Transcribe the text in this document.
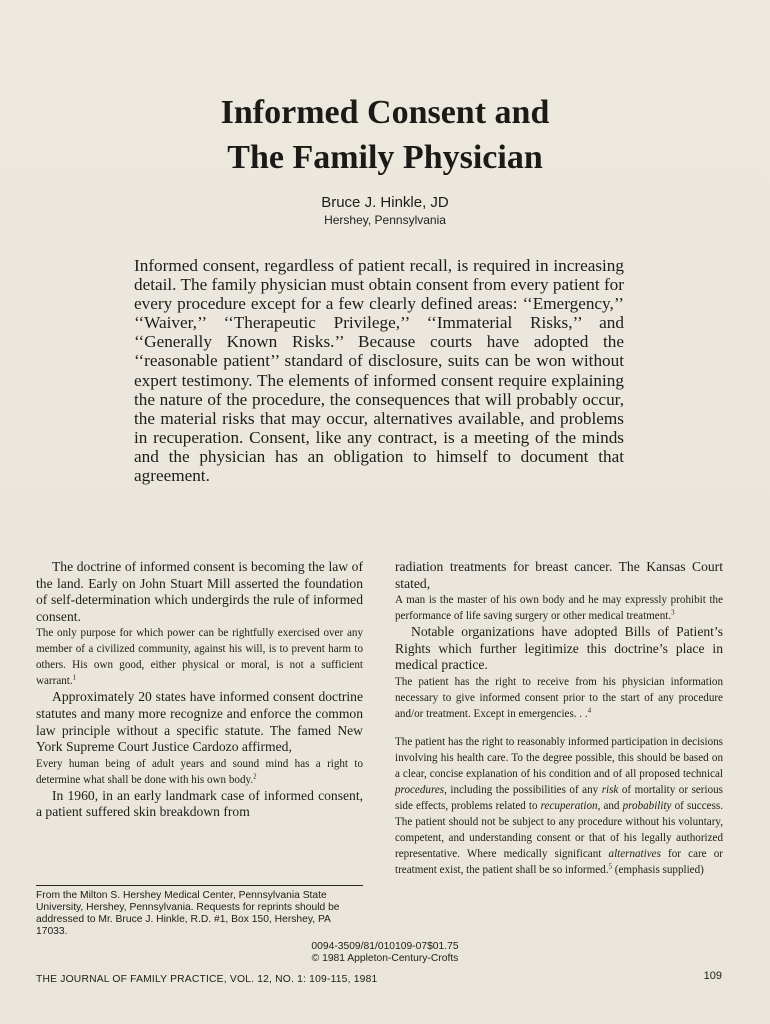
Informed Consent and
The Family Physician
Bruce J. Hinkle, JD
Hershey, Pennsylvania
Informed consent, regardless of patient recall, is required in increasing detail. The family physician must obtain consent from every patient for every procedure except for a few clearly defined areas: ‘‘Emergency,’’ ‘‘Waiver,’’ ‘‘Therapeutic Privilege,’’ ‘‘Immaterial Risks,’’ and ‘‘Generally Known Risks.’’ Because courts have adopted the ‘‘reasonable patient’’ standard of disclosure, suits can be won without expert testimony. The elements of informed consent require explaining the nature of the procedure, the consequences that will probably occur, the material risks that may occur, alternatives available, and problems in recuperation. Consent, like any contract, is a meeting of the minds and the physician has an obligation to himself to document that agreement.

The doctrine of informed consent is becoming the law of the land. Early on John Stuart Mill asserted the foundation of self-determination which undergirds the rule of informed consent.

The only purpose for which power can be rightfully exercised over any member of a civilized community, against his will, is to prevent harm to others. His own good, either physical or moral, is not a sufficient warrant.$^1$

Approximately 20 states have informed consent doctrine statutes and many more recognize and enforce the common law principle without a specific statute. The famed New York Supreme Court Justice Cardozo affirmed,

Every human being of adult years and sound mind has a right to determine what shall be done with his own body.$^2$

In 1960, in an early landmark case of informed consent, a patient suffered skin breakdown from

radiation treatments for breast cancer. The Kansas Court stated,

A man is the master of his own body and he may expressly prohibit the performance of life saving surgery or other medical treatment.$^3$

Notable organizations have adopted Bills of Patient’s Rights which further legitimize this doctrine’s place in medical practice.

The patient has the right to receive from his physician information necessary to give informed consent prior to the start of any procedure and/or treatment. Except in emergencies. . .$^4$

The patient has the right to reasonably informed participation in decisions involving his health care. To the degree possible, this should be based on a clear, concise explanation of his condition and of all proposed technical procedures, including the possibilities of any risk of mortality or serious side effects, problems related to recuperation, and probability of success. The patient should not be subject to any procedure without his voluntary, competent, and understanding consent or that of his legally authorized representative. Where medically significant alternatives for care or treatment exist, the patient shall be so informed.$^5$ (emphasis supplied)

From the Milton S. Hershey Medical Center, Pennsylvania State University, Hershey, Pennsylvania. Requests for reprints should be addressed to Mr. Bruce J. Hinkle, R.D. #1, Box 150, Hershey, PA 17033.
0094-3509/81/010109-07$01.75
© 1981 Appleton-Century-Crofts
THE JOURNAL OF FAMILY PRACTICE, VOL. 12, NO. 1: 109-115, 1981	109
